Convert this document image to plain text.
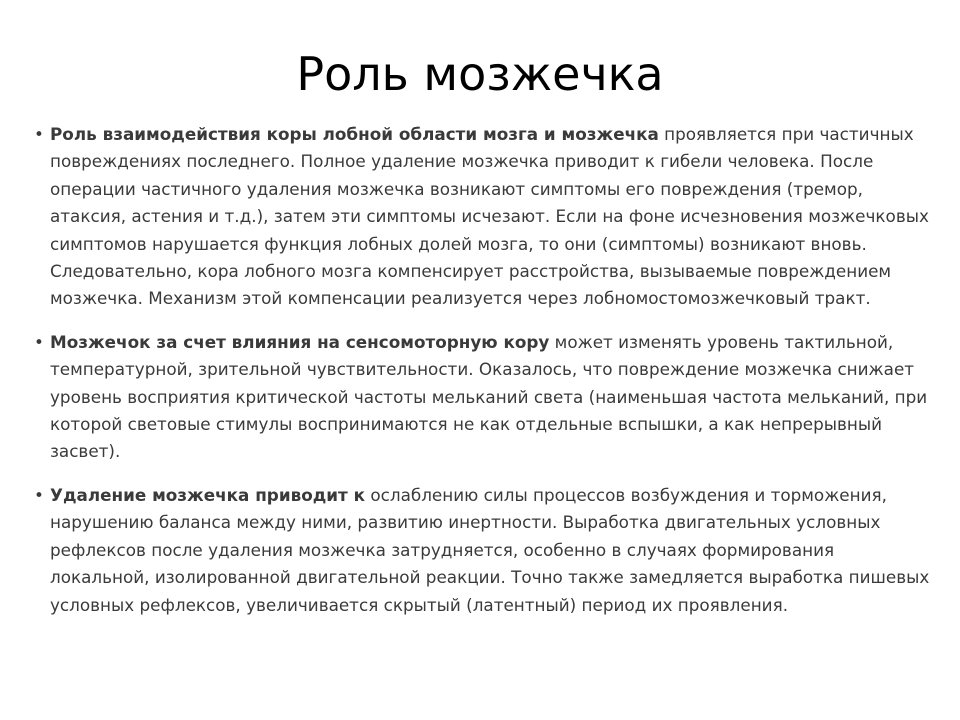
Роль мозжечка
• Роль взаимодействия коры лобной области мозга и мозжечка проявляется при частичных повреждениях последнего. Полное удаление мозжечка приводит к гибели человека. После операции частичного удаления мозжечка возникают симптомы его повреждения (тремор, атаксия, астения и т.д.), затем эти симптомы исчезают. Если на фоне исчезновения мозжечковых симптомов нарушается функция лобных долей мозга, то они (симптомы) возникают вновь. Следовательно, кора лобного мозга компенсирует расстройства, вызываемые повреждением мозжечка. Механизм этой компенсации реализуется через лобномостомозжечковый тракт.
• Мозжечок за счет влияния на сенсомоторную кору может изменять уровень тактильной, температурной, зрительной чувствительности. Оказалось, что повреждение мозжечка снижает уровень восприятия критической частоты мельканий света (наименьшая частота мельканий, при которой световые стимулы воспринимаются не как отдельные вспышки, а как непрерывный засвет).
• Удаление мозжечка приводит к ослаблению силы процессов возбуждения и торможения, нарушению баланса между ними, развитию инертности. Выработка двигательных условных рефлексов после удаления мозжечка затрудняется, особенно в случаях формирования локальной, изолированной двигательной реакции. Точно также замедляется выработка пишевых условных рефлексов, увеличивается скрытый (латентный) период их проявления.
